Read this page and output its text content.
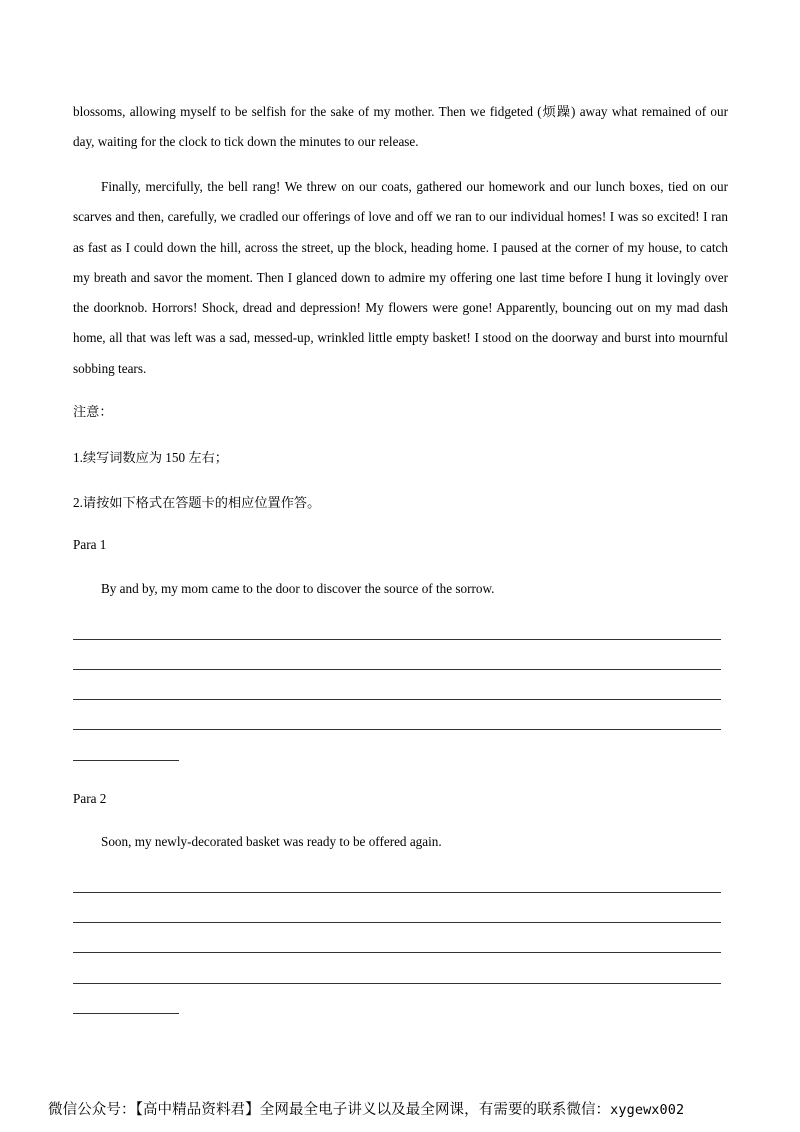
blossoms, allowing myself to be selfish for the sake of my mother. Then we fidgeted (烦躁) away what remained of our day, waiting for the clock to tick down the minutes to our release.

Finally, mercifully, the bell rang! We threw on our coats, gathered our homework and our lunch boxes, tied on our scarves and then, carefully, we cradled our offerings of love and off we ran to our individual homes! I was so excited! I ran as fast as I could down the hill, across the street, up the block, heading home. I paused at the corner of my house, to catch my breath and savor the moment. Then I glanced down to admire my offering one last time before I hung it lovingly over the doorknob. Horrors! Shock, dread and depression! My flowers were gone! Apparently, bouncing out on my mad dash home, all that was left was a sad, messed-up, wrinkled little empty basket! I stood on the doorway and burst into mournful sobbing tears.

注意：

1.续写词数应为 150 左右；

2.请按如下格式在答题卡的相应位置作答。

Para 1

By and by, my mom came to the door to discover the source of the sorrow.

Para 2

Soon, my newly-decorated basket was ready to be offered again.

微信公众号：【高中精品资料君】全网最全电子讲义以及最全网课，有需要的联系微信：xygewx002
